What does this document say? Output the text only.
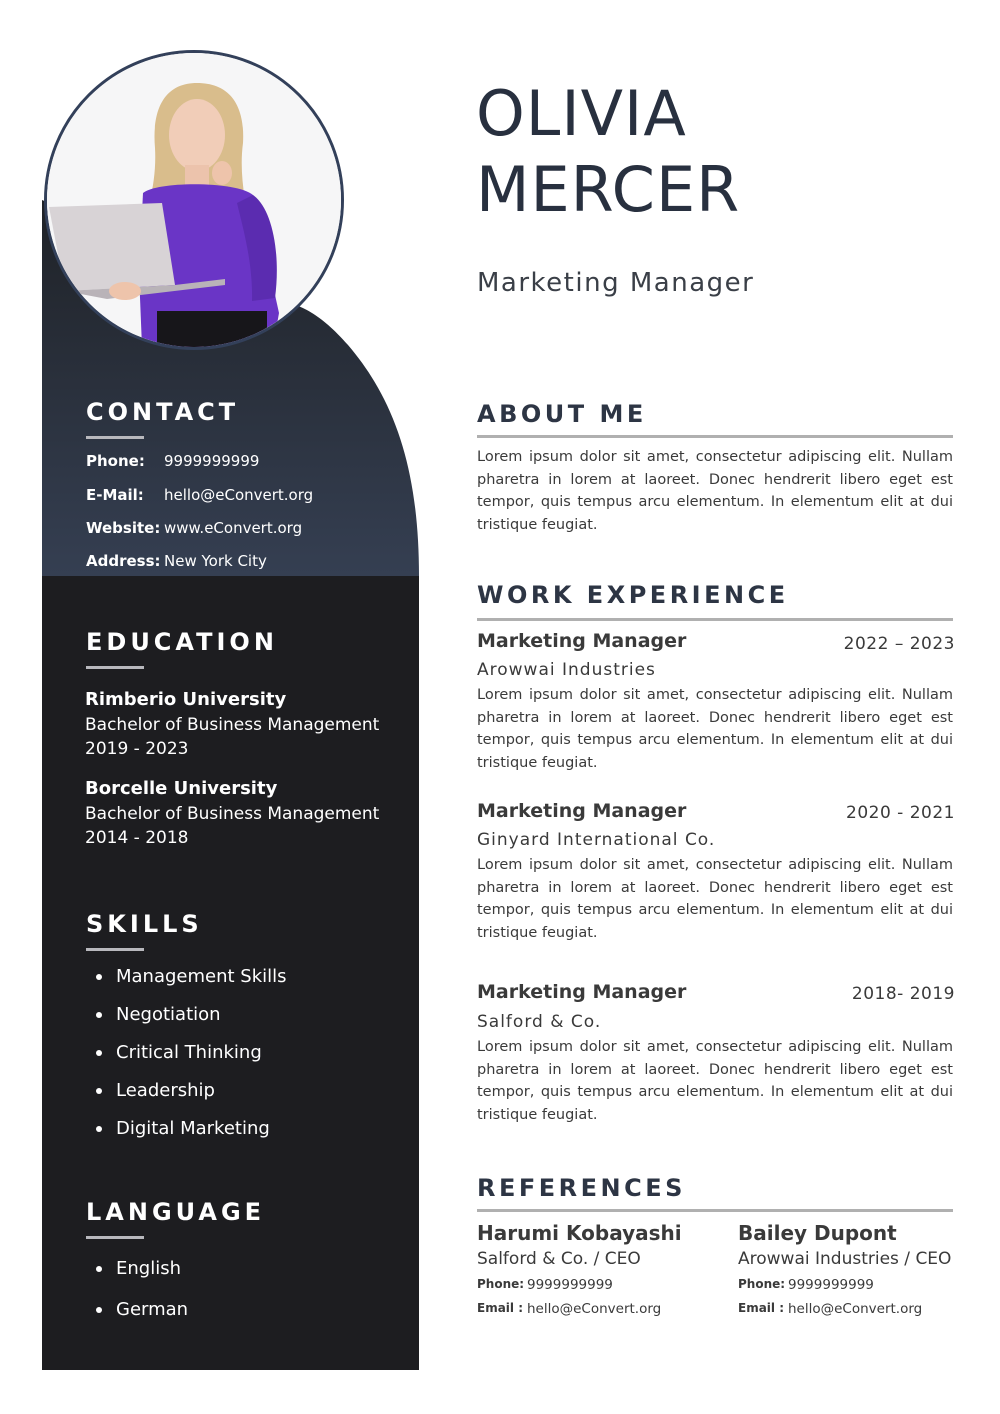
CONTACT
Phone: 9999999999
E-Mail: hello@eConvert.org
Website: www.eConvert.org
Address: New York City
EDUCATION

Rimberio University

Bachelor of Business Management

2019 - 2023

Borcelle University

Bachelor of Business Management

2014 - 2018

SKILLS
Management Skills
Negotiation
Critical Thinking
Leadership
Digital Marketing
LANGUAGE
English
German
OLIVIA
MERCER

Marketing Manager

ABOUT ME

Lorem ipsum dolor sit amet, consectetur adipiscing elit. Nullam pharetra in lorem at laoreet. Donec hendrerit libero eget est tempor, quis tempus arcu elementum. In elementum elit at dui tristique feugiat.

WORK EXPERIENCE

Marketing Manager	2022 – 2023

Arowwai Industries

Lorem ipsum dolor sit amet, consectetur adipiscing elit. Nullam pharetra in lorem at laoreet. Donec hendrerit libero eget est tempor, quis tempus arcu elementum. In elementum elit at dui tristique feugiat.

Marketing Manager	2020 - 2021

Ginyard International Co.

Lorem ipsum dolor sit amet, consectetur adipiscing elit. Nullam pharetra in lorem at laoreet. Donec hendrerit libero eget est tempor, quis tempus arcu elementum. In elementum elit at dui tristique feugiat.

Marketing Manager	2018- 2019

Salford & Co.

Lorem ipsum dolor sit amet, consectetur adipiscing elit. Nullam pharetra in lorem at laoreet. Donec hendrerit libero eget est tempor, quis tempus arcu elementum. In elementum elit at dui tristique feugiat.

REFERENCES

Harumi Kobayashi

Salford & Co. / CEO

Phone: 9999999999
Email : hello@eConvert.org

Bailey Dupont

Arowwai Industries / CEO

Phone: 9999999999
Email : hello@eConvert.org
